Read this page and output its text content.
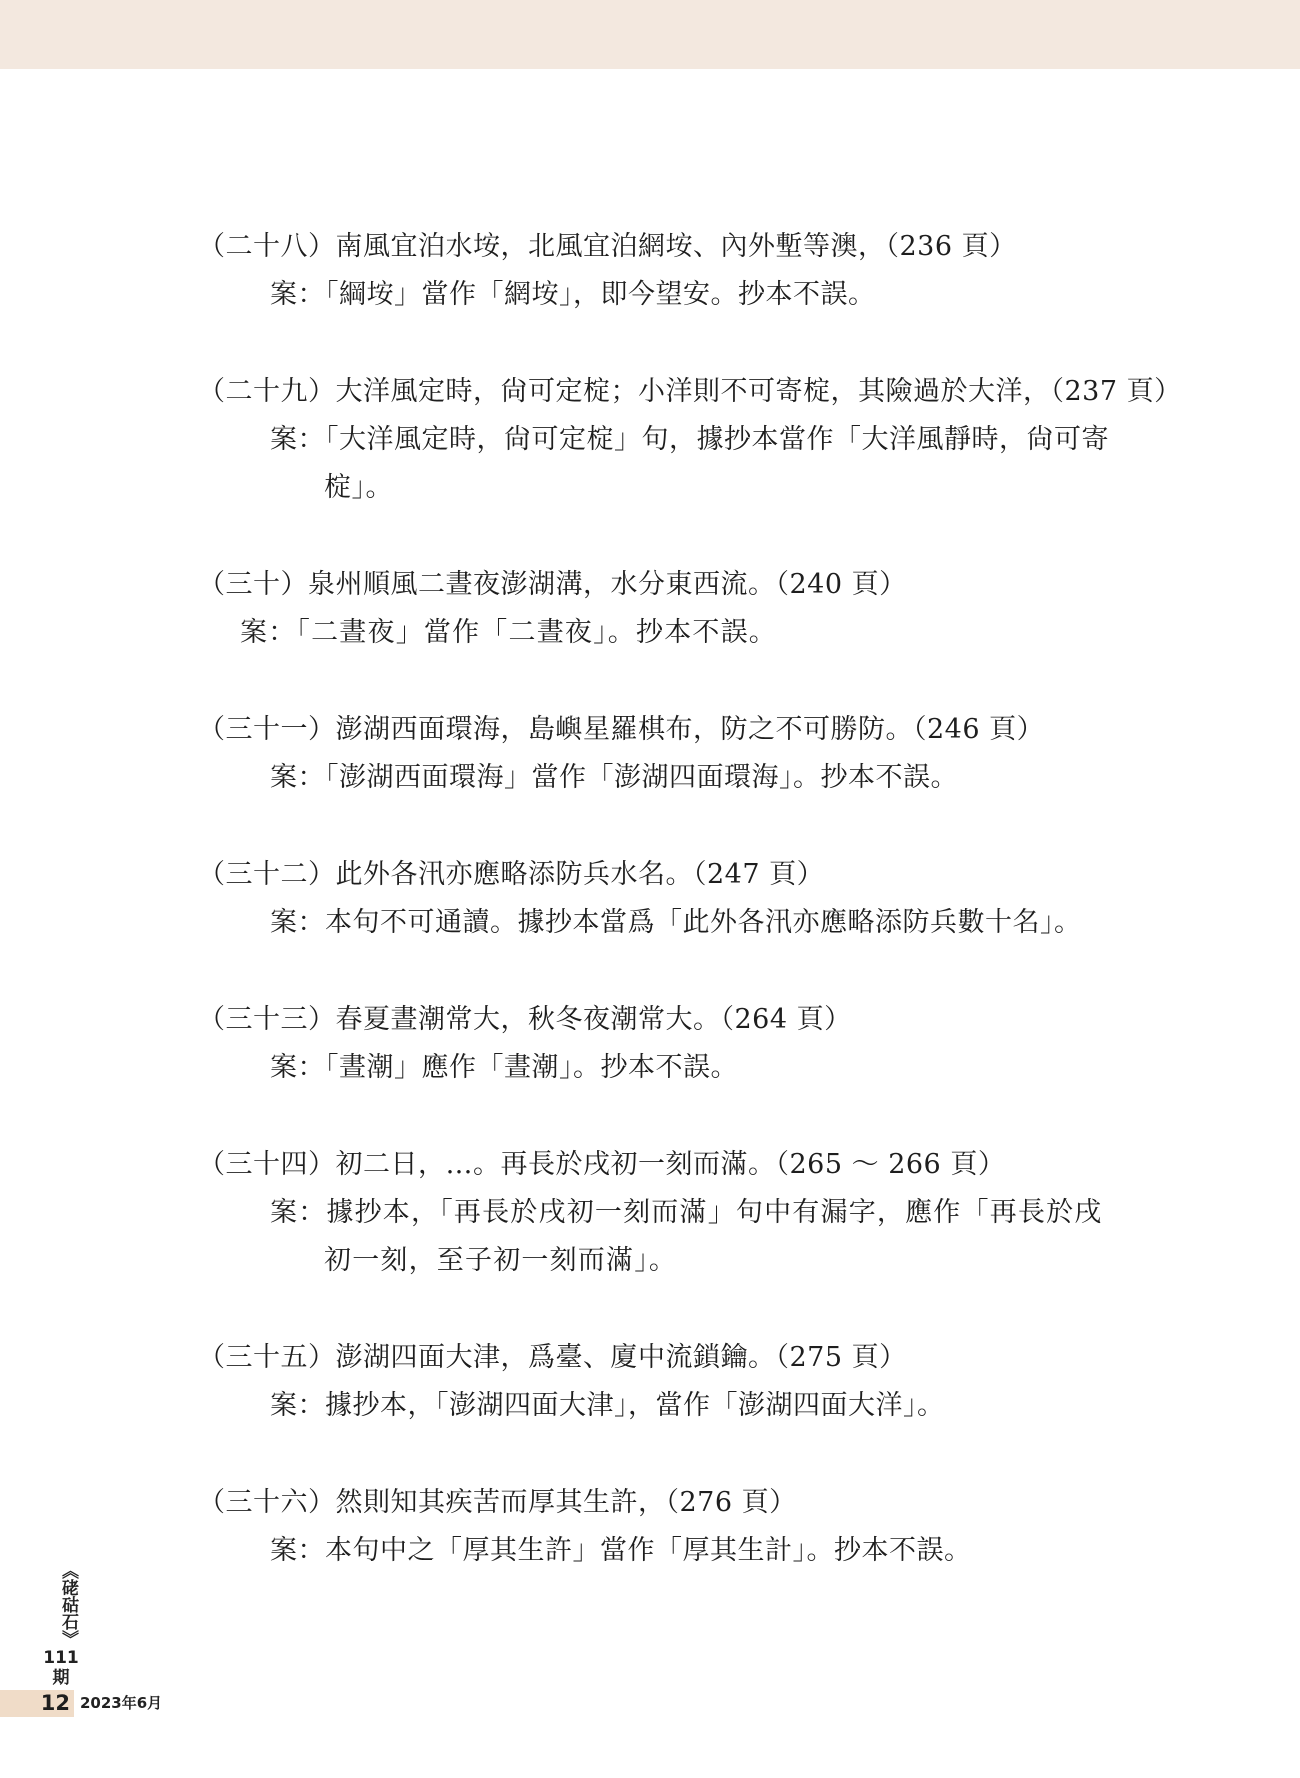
（二十八）南風宜泊水垵，北風宜泊網垵、內外塹等澳，（236 頁）
案：「綱垵」當作「網垵」，即今望安。抄本不誤。
（二十九）大洋風定時，尙可定椗；小洋則不可寄椗，其險過於大洋，（237 頁）
案：「大洋風定時，尙可定椗」句，據抄本當作「大洋風靜時，尙可寄椗」。
（三十）泉州順風二晝夜澎湖溝，水分東西流。（240 頁）
案：「二晝夜」當作「二晝夜」。抄本不誤。
（三十一）澎湖西面環海，島嶼星羅棋布，防之不可勝防。（246 頁）
案：「澎湖西面環海」當作「澎湖四面環海」。抄本不誤。
（三十二）此外各汛亦應略添防兵水名。（247 頁）
案：本句不可通讀。據抄本當爲「此外各汛亦應略添防兵數十名」。
（三十三）春夏晝潮常大，秋冬夜潮常大。（264 頁）
案：「晝潮」應作「晝潮」。抄本不誤。
（三十四）初二日，…。再長於戌初一刻而滿。（265 ～ 266 頁）
案：據抄本，「再長於戌初一刻而滿」句中有漏字，應作「再長於戌初一刻，至子初一刻而滿」。
（三十五）澎湖四面大津，爲臺、廈中流鎖鑰。（275 頁）
案：據抄本，「澎湖四面大津」，當作「澎湖四面大洋」。
（三十六）然則知其疾苦而厚其生許，（276 頁）
案：本句中之「厚其生許」當作「厚其生計」。抄本不誤。
《硓𥑮石》
111期
12 2023年6月
